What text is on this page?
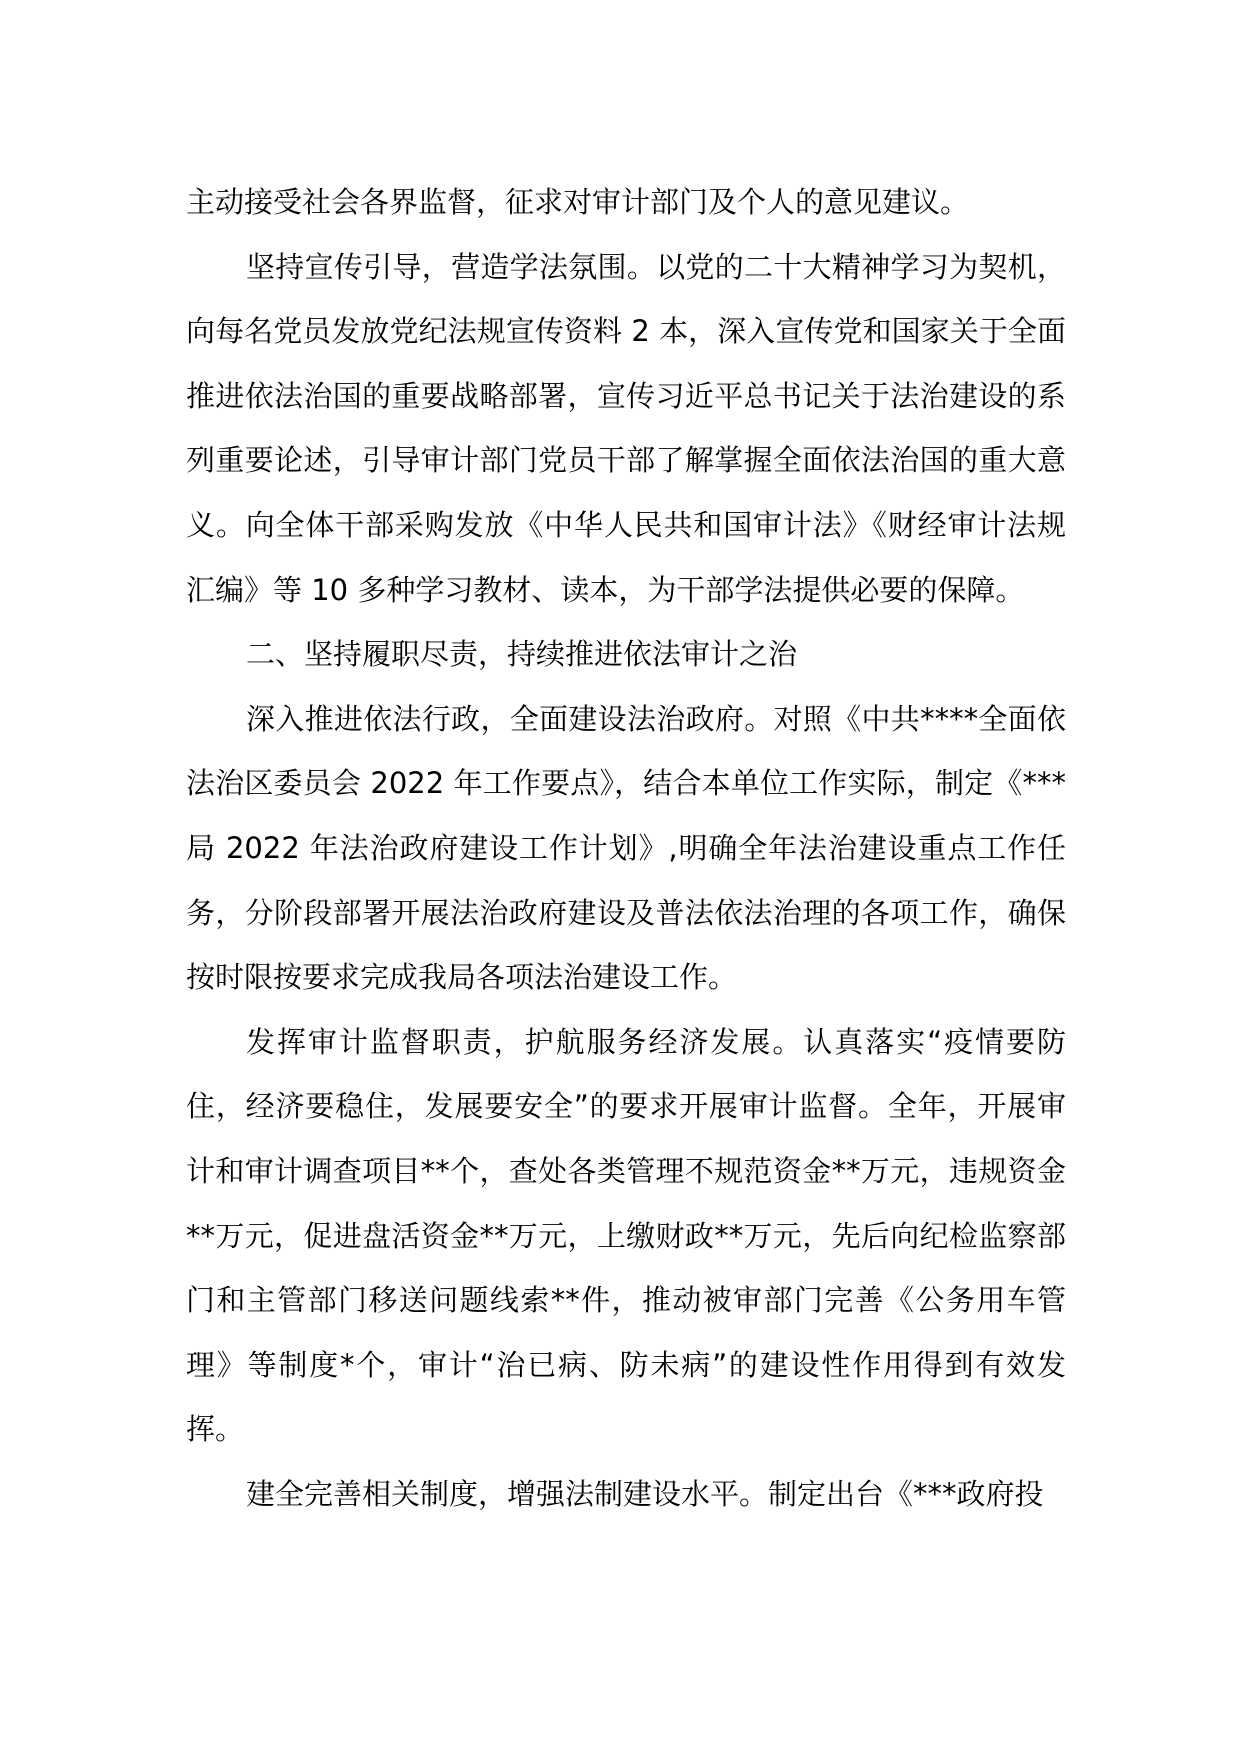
主动接受社会各界监督，征求对审计部门及个人的意见建议。

坚持宣传引导，营造学法氛围。以党的二十大精神学习为契机，向每名党员发放党纪法规宣传资料 2 本，深入宣传党和国家关于全面推进依法治国的重要战略部署，宣传习近平总书记关于法治建设的系列重要论述，引导审计部门党员干部了解掌握全面依法治国的重大意义。向全体干部采购发放《中华人民共和国审计法》《财经审计法规汇编》等 10 多种学习教材、读本，为干部学法提供必要的保障。

二、坚持履职尽责，持续推进依法审计之治

深入推进依法行政，全面建设法治政府。对照《中共****全面依法治区委员会 2022 年工作要点》，结合本单位工作实际，制定《***局 2022 年法治政府建设工作计划》,明确全年法治建设重点工作任务，分阶段部署开展法治政府建设及普法依法治理的各项工作，确保按时限按要求完成我局各项法治建设工作。

发挥审计监督职责，护航服务经济发展。认真落实“疫情要防住，经济要稳住，发展要安全”的要求开展审计监督。全年，开展审计和审计调查项目**个，查处各类管理不规范资金**万元，违规资金**万元，促进盘活资金**万元，上缴财政**万元，先后向纪检监察部门和主管部门移送问题线索**件，推动被审部门完善《公务用车管理》等制度*个，审计“治已病、防未病”的建设性作用得到有效发挥。

建全完善相关制度，增强法制建设水平。制定出台《***政府投
